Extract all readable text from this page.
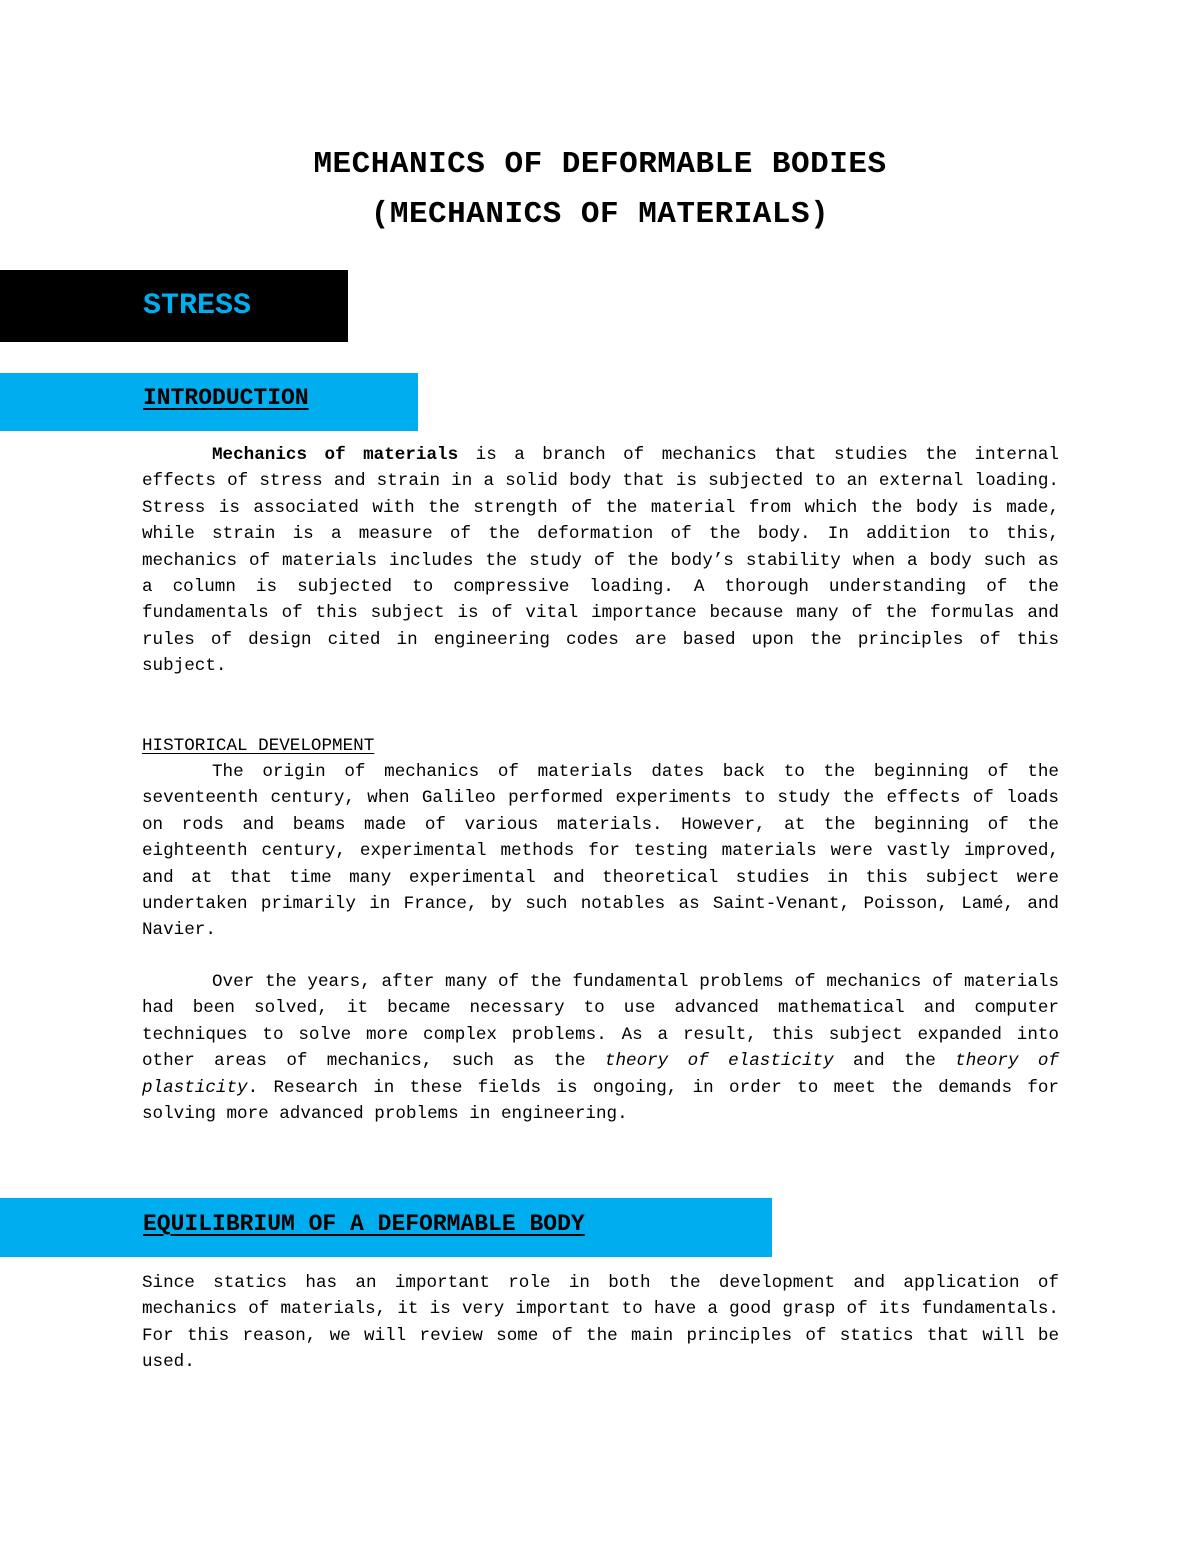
MECHANICS OF DEFORMABLE BODIES
(MECHANICS OF MATERIALS)
STRESS
INTRODUCTION

Mechanics of materials is a branch of mechanics that studies the internal effects of stress and strain in a solid body that is subjected to an external loading. Stress is associated with the strength of the material from which the body is made, while strain is a measure of the deformation of the body. In addition to this, mechanics of materials includes the study of the body’s stability when a body such as a column is subjected to compressive loading. A thorough understanding of the fundamentals of this subject is of vital importance because many of the formulas and rules of design cited in engineering codes are based upon the principles of this subject.

HISTORICAL DEVELOPMENT

The origin of mechanics of materials dates back to the beginning of the seventeenth century, when Galileo performed experiments to study the effects of loads on rods and beams made of various materials. However, at the beginning of the eighteenth century, experimental methods for testing materials were vastly improved, and at that time many experimental and theoretical studies in this subject were undertaken primarily in France, by such notables as Saint-Venant, Poisson, Lamé, and Navier.

Over the years, after many of the fundamental problems of mechanics of materials had been solved, it became necessary to use advanced mathematical and computer techniques to solve more complex problems. As a result, this subject expanded into other areas of mechanics, such as the theory of elasticity and the theory of plasticity. Research in these fields is ongoing, in order to meet the demands for solving more advanced problems in engineering.

EQUILIBRIUM OF A DEFORMABLE BODY

Since statics has an important role in both the development and application of mechanics of materials, it is very important to have a good grasp of its fundamentals. For this reason, we will review some of the main principles of statics that will be used.
